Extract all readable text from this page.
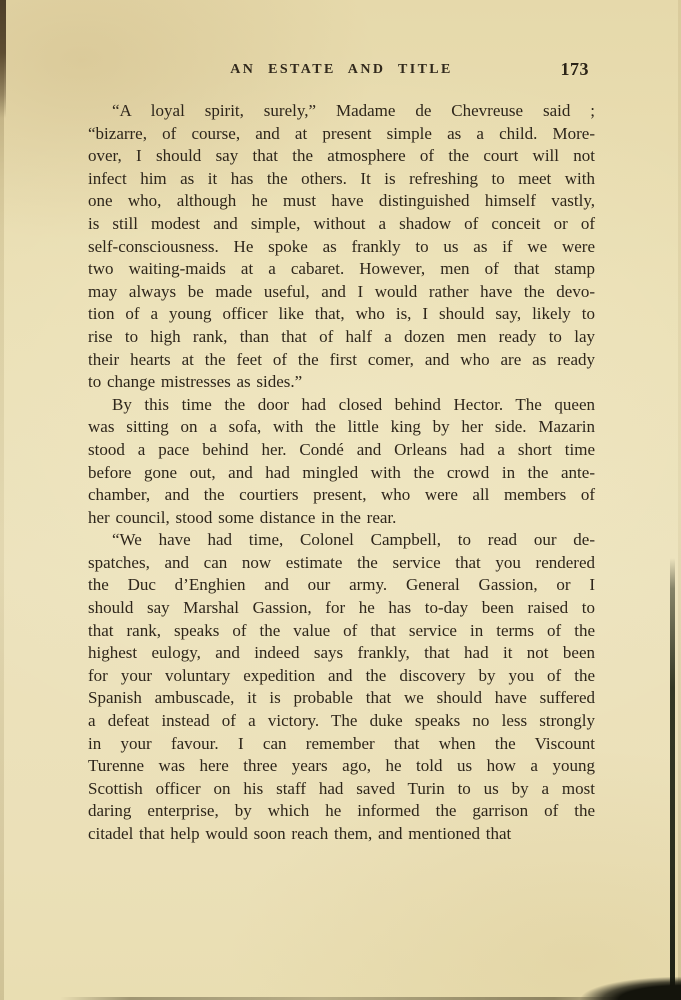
AN ESTATE AND TITLE	173
“A loyal spirit, surely,” Madame de Chevreuse said ;
“bizarre, of course, and at present simple as a child. More-
over, I should say that the atmosphere of the court will not
infect him as it has the others. It is refreshing to meet with
one who, although he must have distinguished himself vastly,
is still modest and simple, without a shadow of conceit or of
self-consciousness. He spoke as frankly to us as if we were
two waiting-maids at a cabaret. However, men of that stamp
may always be made useful, and I would rather have the devo-
tion of a young officer like that, who is, I should say, likely to
rise to high rank, than that of half a dozen men ready to lay
their hearts at the feet of the first comer, and who are as ready
to change mistresses as sides.”
By this time the door had closed behind Hector. The queen
was sitting on a sofa, with the little king by her side. Mazarin
stood a pace behind her. Condé and Orleans had a short time
before gone out, and had mingled with the crowd in the ante-
chamber, and the courtiers present, who were all members of
her council, stood some distance in the rear.
“We have had time, Colonel Campbell, to read our de-
spatches, and can now estimate the service that you rendered
the Duc d’Enghien and our army. General Gassion, or I
should say Marshal Gassion, for he has to-day been raised to
that rank, speaks of the value of that service in terms of the
highest eulogy, and indeed says frankly, that had it not been
for your voluntary expedition and the discovery by you of the
Spanish ambuscade, it is probable that we should have suffered
a defeat instead of a victory. The duke speaks no less strongly
in your favour. I can remember that when the Viscount
Turenne was here three years ago, he told us how a young
Scottish officer on his staff had saved Turin to us by a most
daring enterprise, by which he informed the garrison of the
citadel that help would soon reach them, and mentioned that
